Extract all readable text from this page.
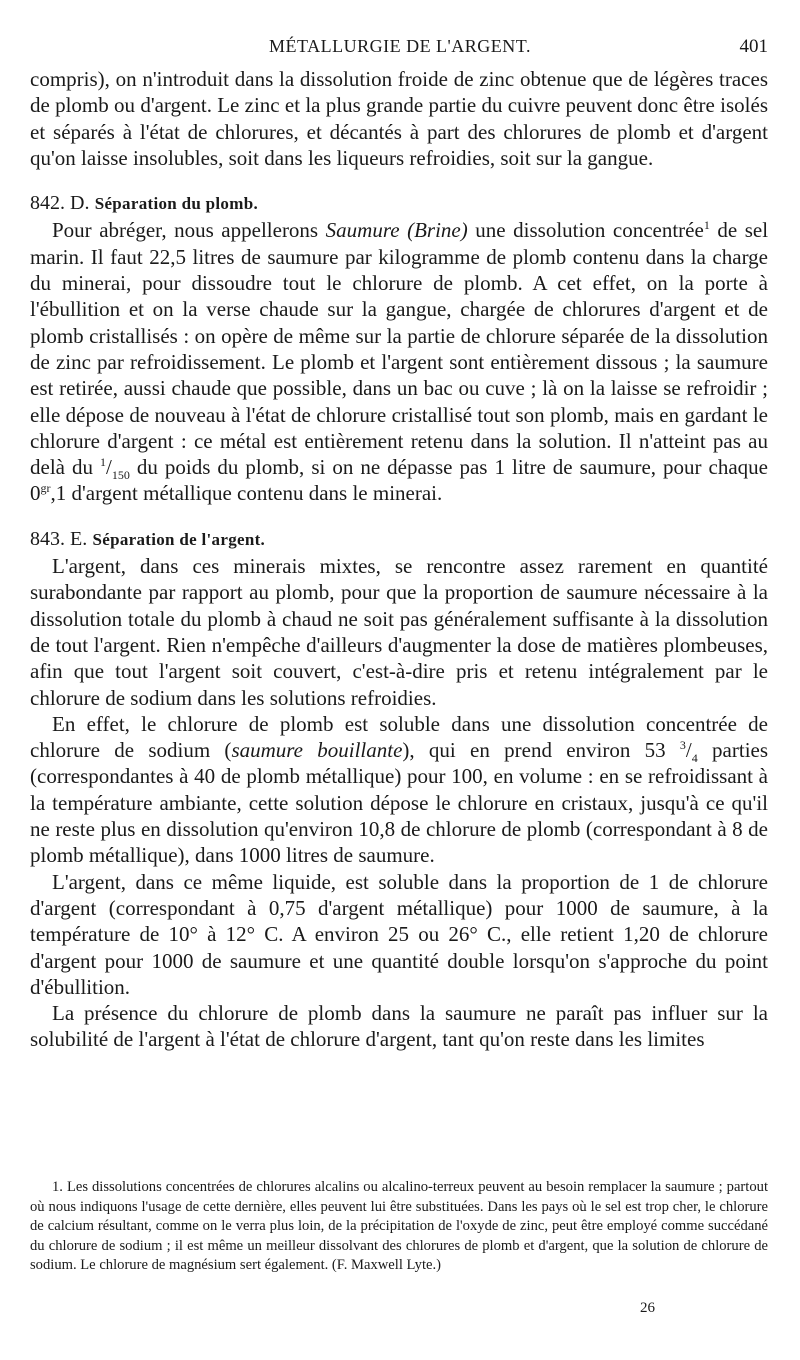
MÉTALLURGIE DE L'ARGENT.	401

compris), on n'introduit dans la dissolution froide de zinc obtenue que de légères traces de plomb ou d'argent. Le zinc et la plus grande partie du cuivre peuvent donc être isolés et séparés à l'état de chlorures, et décantés à part des chlorures de plomb et d'argent qu'on laisse insolubles, soit dans les liqueurs refroidies, soit sur la gangue.

842. D. Séparation du plomb.

Pour abréger, nous appellerons Saumure (Brine) une dissolution concentrée$^1$ de sel marin. Il faut 22,5 litres de saumure par kilogramme de plomb contenu dans la charge du minerai, pour dissoudre tout le chlorure de plomb. A cet effet, on la porte à l'ébullition et on la verse chaude sur la gangue, chargée de chlorures d'argent et de plomb cristallisés : on opère de même sur la partie de chlorure séparée de la dissolution de zinc par refroidissement. Le plomb et l'argent sont entièrement dissous ; la saumure est retirée, aussi chaude que possible, dans un bac ou cuve ; là on la laisse se refroidir ; elle dépose de nouveau à l'état de chlorure cristallisé tout son plomb, mais en gardant le chlorure d'argent : ce métal est entièrement retenu dans la solution. Il n'atteint pas au delà du $^1/_{150}$ du poids du plomb, si on ne dépasse pas 1 litre de saumure, pour chaque $0^{gr},1$ d'argent métallique contenu dans le minerai.

843. E. Séparation de l'argent.

L'argent, dans ces minerais mixtes, se rencontre assez rarement en quantité surabondante par rapport au plomb, pour que la proportion de saumure nécessaire à la dissolution totale du plomb à chaud ne soit pas généralement suffisante à la dissolution de tout l'argent. Rien n'empêche d'ailleurs d'augmenter la dose de matières plombeuses, afin que tout l'argent soit couvert, c'est-à-dire pris et retenu intégralement par le chlorure de sodium dans les solutions refroidies.

En effet, le chlorure de plomb est soluble dans une dissolution concentrée de chlorure de sodium (saumure bouillante), qui en prend environ 53 $^3/_4$ parties (correspondantes à 40 de plomb métallique) pour 100, en volume : en se refroidissant à la température ambiante, cette solution dépose le chlorure en cristaux, jusqu'à ce qu'il ne reste plus en dissolution qu'environ 10,8 de chlorure de plomb (correspondant à 8 de plomb métallique), dans 1000 litres de saumure.

L'argent, dans ce même liquide, est soluble dans la proportion de 1 de chlorure d'argent (correspondant à 0,75 d'argent métallique) pour 1000 de saumure, à la température de 10° à 12° C. A environ 25 ou 26° C., elle retient 1,20 de chlorure d'argent pour 1000 de saumure et une quantité double lorsqu'on s'approche du point d'ébullition.

La présence du chlorure de plomb dans la saumure ne paraît pas influer sur la solubilité de l'argent à l'état de chlorure d'argent, tant qu'on reste dans les limites

1. Les dissolutions concentrées de chlorures alcalins ou alcalino-terreux peuvent au besoin remplacer la saumure ; partout où nous indiquons l'usage de cette dernière, elles peuvent lui être substituées. Dans les pays où le sel est trop cher, le chlorure de calcium résultant, comme on le verra plus loin, de la précipitation de l'oxyde de zinc, peut être employé comme succédané du chlorure de sodium ; il est même un meilleur dissolvant des chlorures de plomb et d'argent, que la solution de chlorure de sodium. Le chlorure de magnésium sert également. (F. Maxwell Lyte.)

26
